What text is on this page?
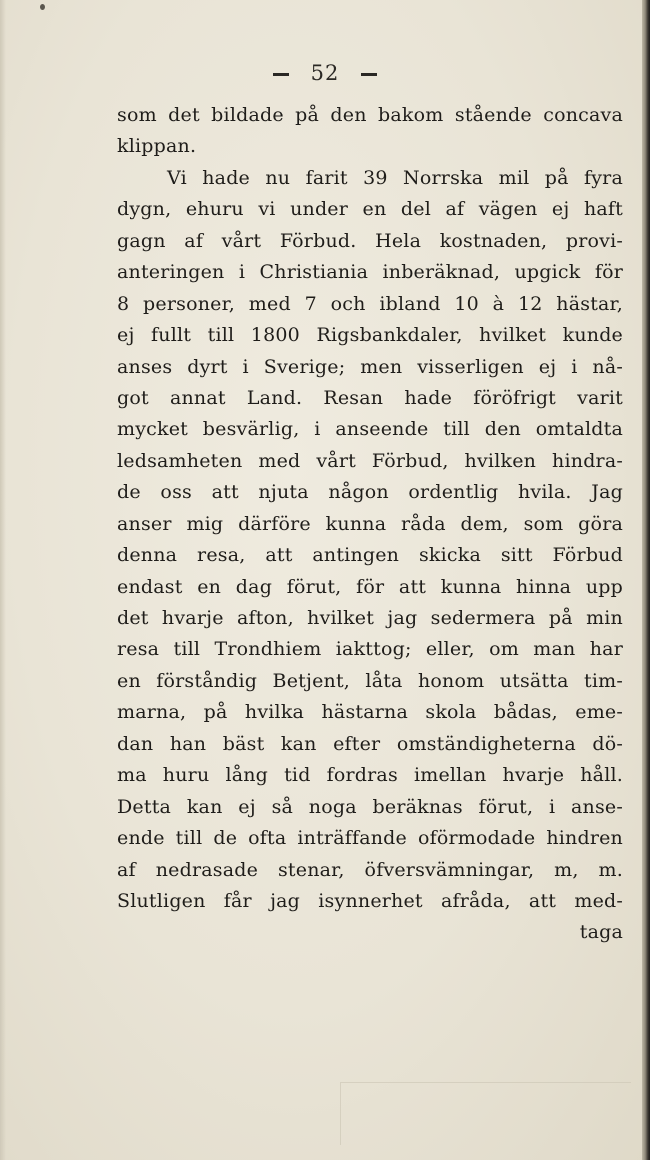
52
som det bildade på den bakom stående concava
klippan.
Vi hade nu farit 39 Norrska mil på fyra
dygn, ehuru vi under en del af vägen ej haft
gagn af vårt Förbud. Hela kostnaden, provi-
anteringen i Christiania inberäknad, upgick för
8 personer, med 7 och ibland 10 à 12 hästar,
ej fullt till 1800 Rigsbankdaler, hvilket kunde
anses dyrt i Sverige; men visserligen ej i nå-
got annat Land. Resan hade föröfrigt varit
mycket besvärlig, i anseende till den omtaldta
ledsamheten med vårt Förbud, hvilken hindra-
de oss att njuta någon ordentlig hvila. Jag
anser mig därföre kunna råda dem, som göra
denna resa, att antingen skicka sitt Förbud
endast en dag förut, för att kunna hinna upp
det hvarje afton, hvilket jag sedermera på min
resa till Trondhiem iakttog; eller, om man har
en förståndig Betjent, låta honom utsätta tim-
marna, på hvilka hästarna skola bådas, eme-
dan han bäst kan efter omständigheterna dö-
ma huru lång tid fordras imellan hvarje håll.
Detta kan ej så noga beräknas förut, i anse-
ende till de ofta inträffande oförmodade hindren
af nedrasade stenar, öfversvämningar, m, m.
Slutligen får jag isynnerhet afråda, att med-
taga
